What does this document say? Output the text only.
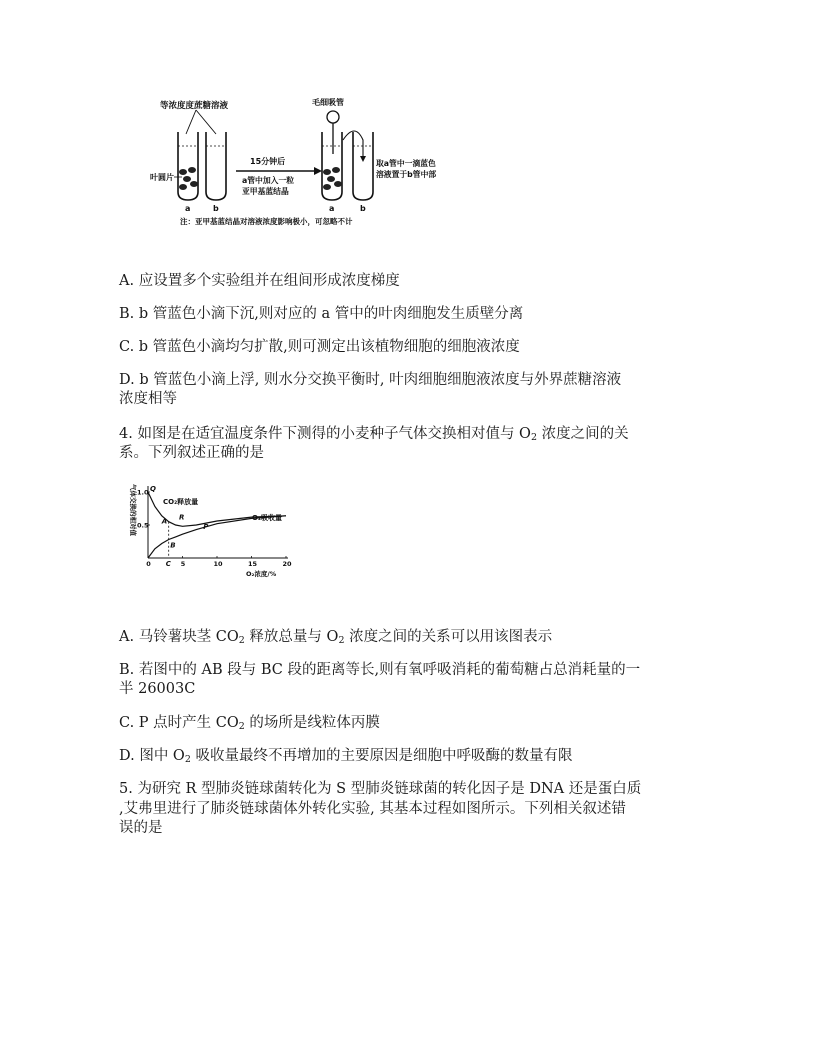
等浓度度蔗糖溶液
叶圆片
a	b
15分钟后
a管中加入一粒
亚甲基蓝结晶
毛细吸管
a	b
取a管中一滴蓝色
溶液置于b管中部
注：亚甲基蓝结晶对溶液浓度影响极小，可忽略不计
A. 应设置多个实验组并在组间形成浓度梯度
B. b 管蓝色小滴下沉,则对应的 a 管中的叶肉细胞发生质壁分离
C. b 管蓝色小滴均匀扩散,则可测定出该植物细胞的细胞液浓度
D. b 管蓝色小滴上浮, 则水分交换平衡时, 叶肉细胞细胞液浓度与外界蔗糖溶液
浓度相等
4. 如图是在适宜温度条件下测得的小麦种子气体交换相对值与 $O_2$ 浓度之间的关
系。下列叙述正确的是
气体交换的相对值
0	5	10	15	20
0.5
1.0 Q
A R
P
B
C
O₂浓度/%
CO₂释放量
O₂吸收量
A. 马铃薯块茎 $CO_2$ 释放总量与 $O_2$ 浓度之间的关系可以用该图表示
B. 若图中的 AB 段与 BC 段的距离等长,则有氧呼吸消耗的葡萄糖占总消耗量的一
半 26003C
C. P 点时产生 $CO_2$ 的场所是线粒体丙膜
D. 图中 $O_2$ 吸收量最终不再增加的主要原因是细胞中呼吸酶的数量有限
5. 为研究 R 型肺炎链球菌转化为 S 型肺炎链球菌的转化因子是 DNA 还是蛋白质
,艾弗里进行了肺炎链球菌体外转化实验, 其基本过程如图所示。下列相关叙述错
误的是
